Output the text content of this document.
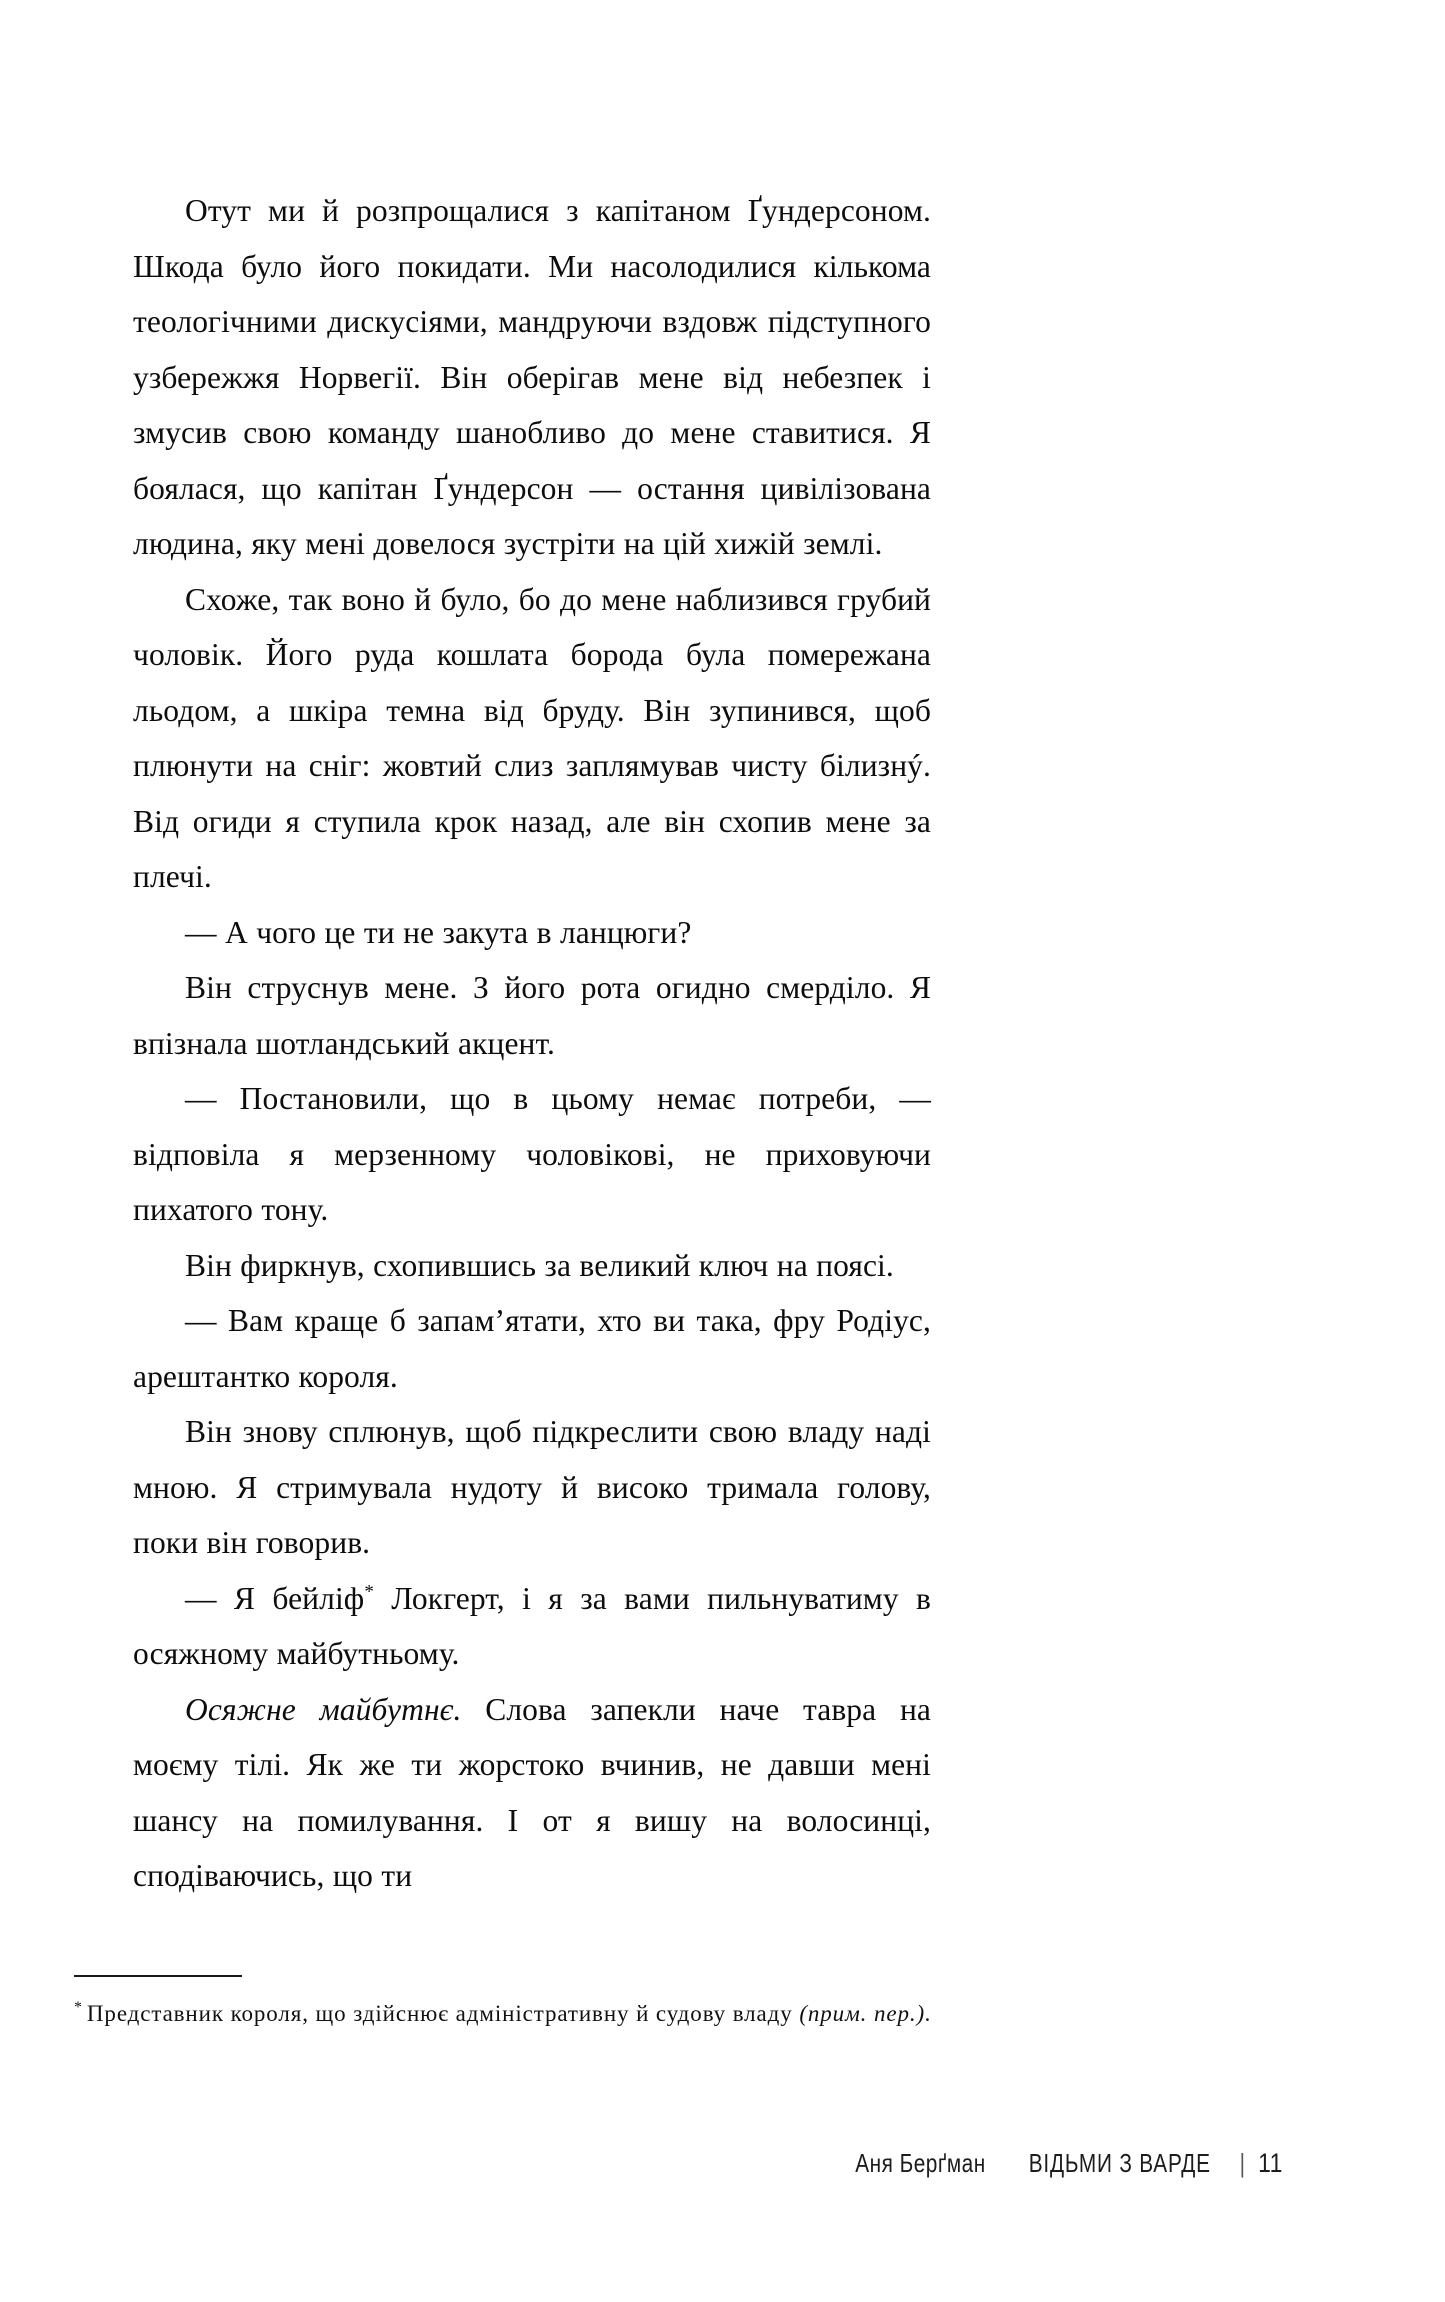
Отут ми й розпрощалися з капітаном Ґундерсоном. Шкода було його покидати. Ми насолодилися кількома теологічними дискусіями, мандруючи вздовж підступного узбережжя Норвегії. Він оберігав мене від небезпек і змусив свою команду шанобливо до мене ставитися. Я боялася, що капітан Ґундерсон — остання цивілізована людина, яку мені довелося зустріти на цій хижій землі.

Схоже, так воно й було, бо до мене наблизився грубий чоловік. Його руда кошлата борода була помережана льодом, а шкіра темна від бруду. Він зупинився, щоб плюнути на сніг: жовтий слиз заплямував чисту білизнý. Від огиди я ступила крок назад, але він схопив мене за плечі.

— А чого це ти не закута в ланцюги?

Він струснув мене. З його рота огидно смерділо. Я впізнала шотландський акцент.

— Постановили, що в цьому немає потреби, — відповіла я мерзенному чоловікові, не приховуючи пихатого тону.

Він фиркнув, схопившись за великий ключ на поясі.

— Вам краще б запам’ятати, хто ви така, фру Родіус, арештантко короля.

Він знову сплюнув, щоб підкреслити свою владу наді мною. Я стримувала нудоту й високо тримала голову, поки він говорив.

— Я бейліф* Локгерт, і я за вами пильнуватиму в осяжному майбутньому.

Осяжне майбутнє. Слова запекли наче тавра на моєму тілі. Як же ти жорстоко вчинив, не давши мені шансу на помилування. І от я вишу на волосинці, сподіваючись, що ти

* Представник короля, що здійснює адміністративну й судову владу (прим. пер.).

Аня Берґман ВІДЬМИ З ВАРДЕ | 11
